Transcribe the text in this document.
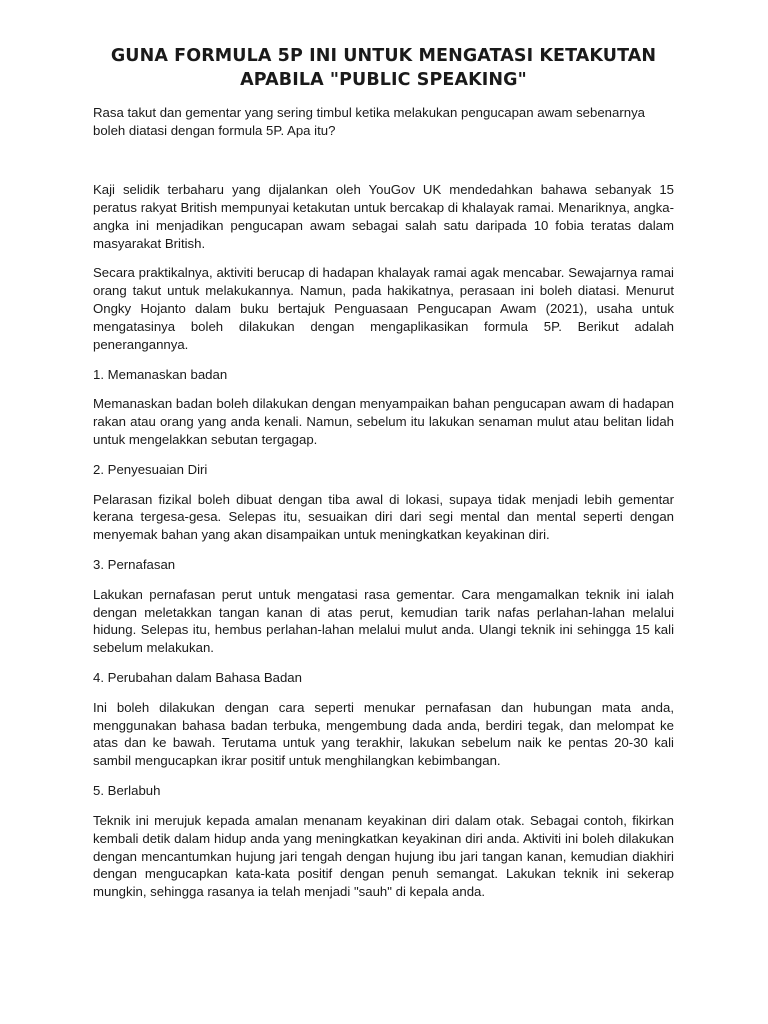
GUNA FORMULA 5P INI UNTUK MENGATASI KETAKUTAN APABILA "PUBLIC SPEAKING"

Rasa takut dan gementar yang sering timbul ketika melakukan pengucapan awam sebenarnya boleh diatasi dengan formula 5P. Apa itu?

Kaji selidik terbaharu yang dijalankan oleh YouGov UK mendedahkan bahawa sebanyak 15 peratus rakyat British mempunyai ketakutan untuk bercakap di khalayak ramai. Menariknya, angka-angka ini menjadikan pengucapan awam sebagai salah satu daripada 10 fobia teratas dalam masyarakat British.

Secara praktikalnya, aktiviti berucap di hadapan khalayak ramai agak mencabar. Sewajarnya ramai orang takut untuk melakukannya. Namun, pada hakikatnya, perasaan ini boleh diatasi. Menurut Ongky Hojanto dalam buku bertajuk Penguasaan Pengucapan Awam (2021), usaha untuk mengatasinya boleh dilakukan dengan mengaplikasikan formula 5P. Berikut adalah penerangannya.

1. Memanaskan badan

Memanaskan badan boleh dilakukan dengan menyampaikan bahan pengucapan awam di hadapan rakan atau orang yang anda kenali. Namun, sebelum itu lakukan senaman mulut atau belitan lidah untuk mengelakkan sebutan tergagap.

2. Penyesuaian Diri

Pelarasan fizikal boleh dibuat dengan tiba awal di lokasi, supaya tidak menjadi lebih gementar kerana tergesa-gesa. Selepas itu, sesuaikan diri dari segi mental dan mental seperti dengan menyemak bahan yang akan disampaikan untuk meningkatkan keyakinan diri.

3. Pernafasan

Lakukan pernafasan perut untuk mengatasi rasa gementar. Cara mengamalkan teknik ini ialah dengan meletakkan tangan kanan di atas perut, kemudian tarik nafas perlahan-lahan melalui hidung. Selepas itu, hembus perlahan-lahan melalui mulut anda. Ulangi teknik ini sehingga 15 kali sebelum melakukan.

4. Perubahan dalam Bahasa Badan

Ini boleh dilakukan dengan cara seperti menukar pernafasan dan hubungan mata anda, menggunakan bahasa badan terbuka, mengembung dada anda, berdiri tegak, dan melompat ke atas dan ke bawah. Terutama untuk yang terakhir, lakukan sebelum naik ke pentas 20-30 kali sambil mengucapkan ikrar positif untuk menghilangkan kebimbangan.

5. Berlabuh

Teknik ini merujuk kepada amalan menanam keyakinan diri dalam otak. Sebagai contoh, fikirkan kembali detik dalam hidup anda yang meningkatkan keyakinan diri anda. Aktiviti ini boleh dilakukan dengan mencantumkan hujung jari tengah dengan hujung ibu jari tangan kanan, kemudian diakhiri dengan mengucapkan kata-kata positif dengan penuh semangat. Lakukan teknik ini sekerap mungkin, sehingga rasanya ia telah menjadi "sauh" di kepala anda.
